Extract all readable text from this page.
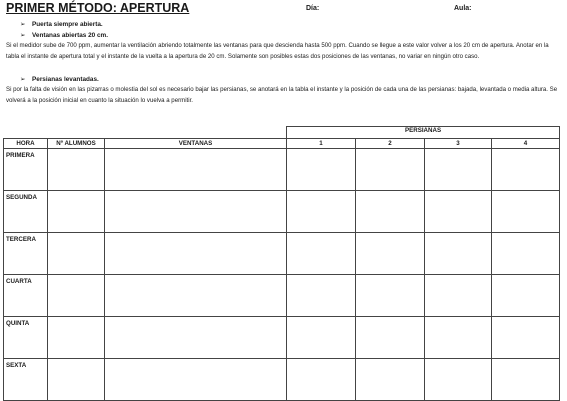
PRIMER MÉTODO: APERTURA	Día:	Aula:
➢ Puerta siempre abierta.
➢ Ventanas abiertas 20 cm.
Si el medidor sube de 700 ppm, aumentar la ventilación abriendo totalmente las ventanas para que descienda hasta 500 ppm. Cuando se llegue a este valor volver a los 20 cm de apertura. Anotar en la tabla el instante de apertura total y el instante de la vuelta a la apertura de 20 cm. Solamente son posibles estas dos posiciones de las ventanas, no variar en ningún otro caso.
➢ Persianas levantadas.
Si por la falta de visión en las pizarras o molestia del sol es necesario bajar las persianas, se anotará en la tabla el instante y la posición de cada una de las persianas: bajada, levantada o media altura. Se volverá a la posición inicial en cuanto la situación lo vuelva a permitir.
			PERSIANAS			
HORA	Nº ALUMNOS	VENTANAS	1	2	3	4
PRIMERA						
SEGUNDA						
TERCERA						
CUARTA						
QUINTA						
SEXTA						
